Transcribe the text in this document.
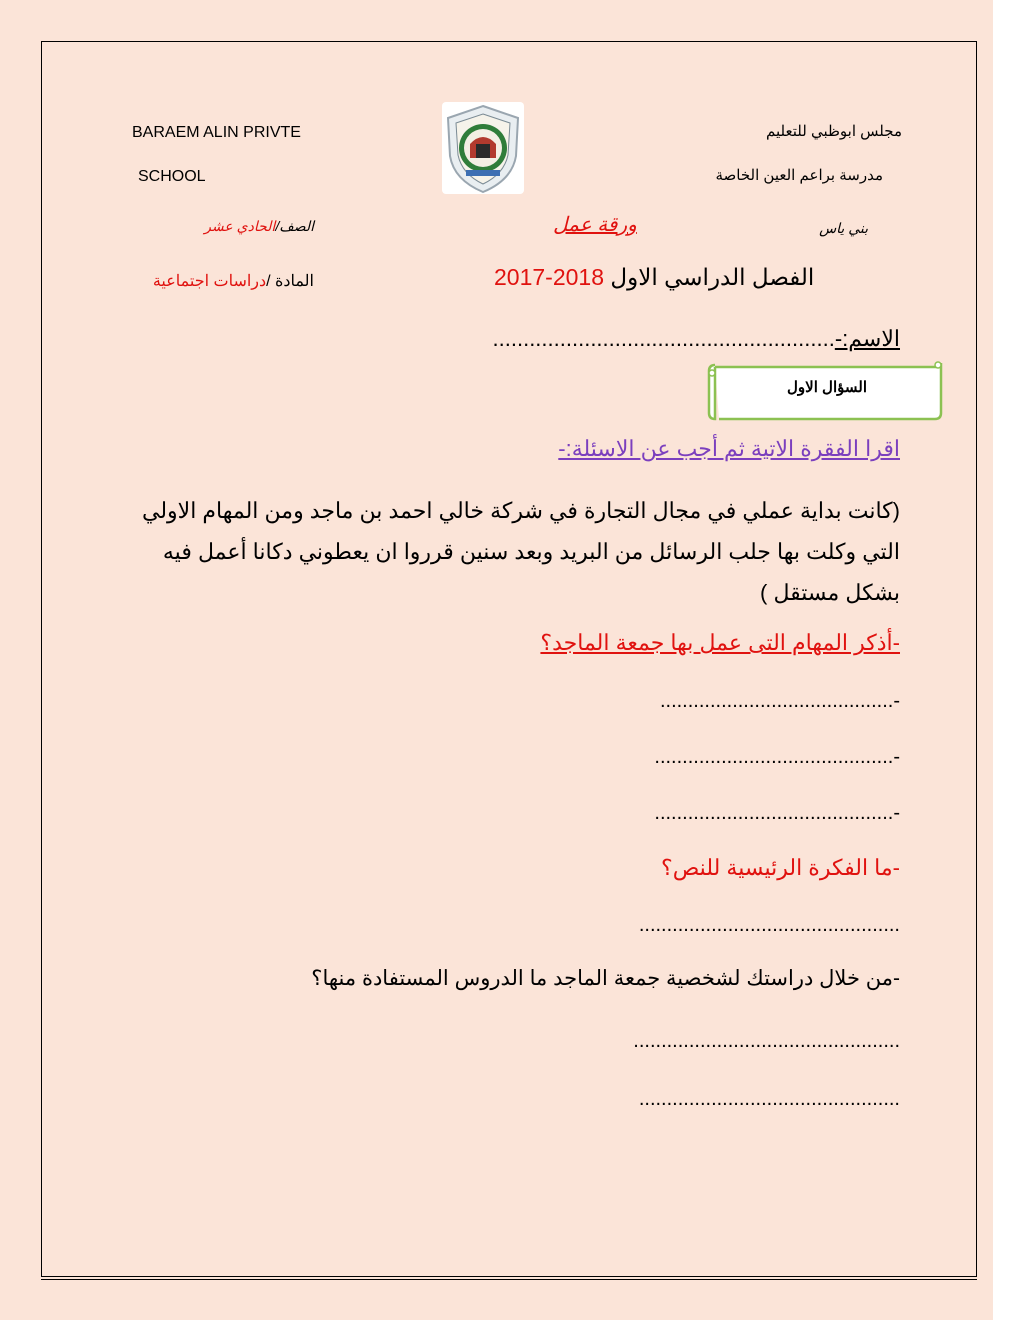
BARAEM ALIN PRIVTE
SCHOOL
مجلس ابوظبي للتعليم
مدرسة براعم العين الخاصة
بني ياس
ورقة عمل
الصف/الحادي عشر
المادة /دراسات اجتماعية	2017-2018 الفصل الدراسي الاول
الاسم:-........................................................
السؤال الاول
اقرا الفقرة الاتية ثم أجب عن الاسئلة:-
(كانت بداية عملي في مجال التجارة في شركة خالي احمد بن ماجد ومن المهام الاولي التي وكلت بها جلب الرسائل من البريد وبعد سنين قرروا ان يعطوني دكانا أعمل فيه بشكل مستقل )
-أذكر المهام التى عمل بها جمعة الماجد؟
-..........................................
-...........................................
-...........................................
-ما الفكرة الرئيسية للنص؟
...............................................
-من خلال دراستك لشخصية جمعة الماجد ما الدروس المستفادة منها؟
................................................
...............................................
